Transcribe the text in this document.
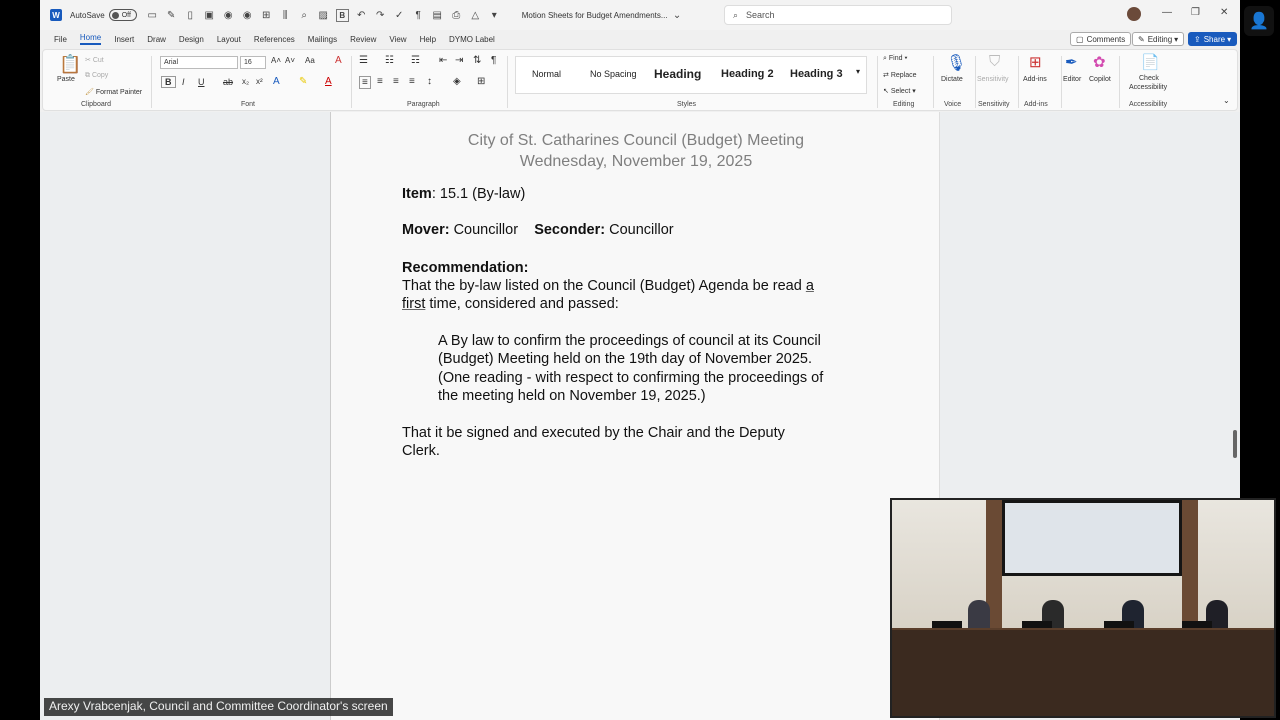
W AutoSave Off ▭ ✎	▯	▣ ◉ ◉ ⊞	⫼	⌕	▨	B	↶ ↷ ✓	¶	▤ ⎙ △	▾	Motion Sheets for Budget Amendments... ⌄	⌕ Search	— ❐ ✕
File Home Insert Draw Design Layout References Mailings Review View Help DYMO Label	▢ Comments ✎ Editing ▾ ⇪ Share ▾
📋
Paste
✂ Cut
⧉ Copy
🖌 Format Painter
Clipboard
Arial	16 A˄ A˅ Aa A
B	I U ab x₂ x² A ✎ A
Font
☰ ☷ ☶ ⇤ ⇥ ⇅ ¶
≡ ≡ ≡ ≡ ↕ ◈ ⊞
Paragraph
Normal	No Spacing Heading Heading 2 Heading 3 ▾
Styles
⌕ Find ▾
⇄ Replace
↖ Select ▾
Editing
🎙
Dictate
Voice
⛉
Sensitivity
Sensitivity
⊞
Add-ins
Add-ins
✒
Editor
✿
Copilot
📄
Check
Accessibility
Accessibility	⌄
City of St. Catharines Council (Budget) Meeting
Wednesday, November 19, 2025
Item: 15.1 (By-law)
Mover: Councillor Seconder: Councillor
Recommendation:
That the by-law listed on the Council (Budget) Agenda be read a
first time, considered and passed:
A By law to confirm the proceedings of council at its Council
(Budget) Meeting held on the 19th day of November 2025.
(One reading - with respect to confirming the proceedings of
the meeting held on November 19, 2025.)
That it be signed and executed by the Chair and the Deputy
Clerk.
👤
Arexy Vrabcenjak, Council and Committee Coordinator's screen
